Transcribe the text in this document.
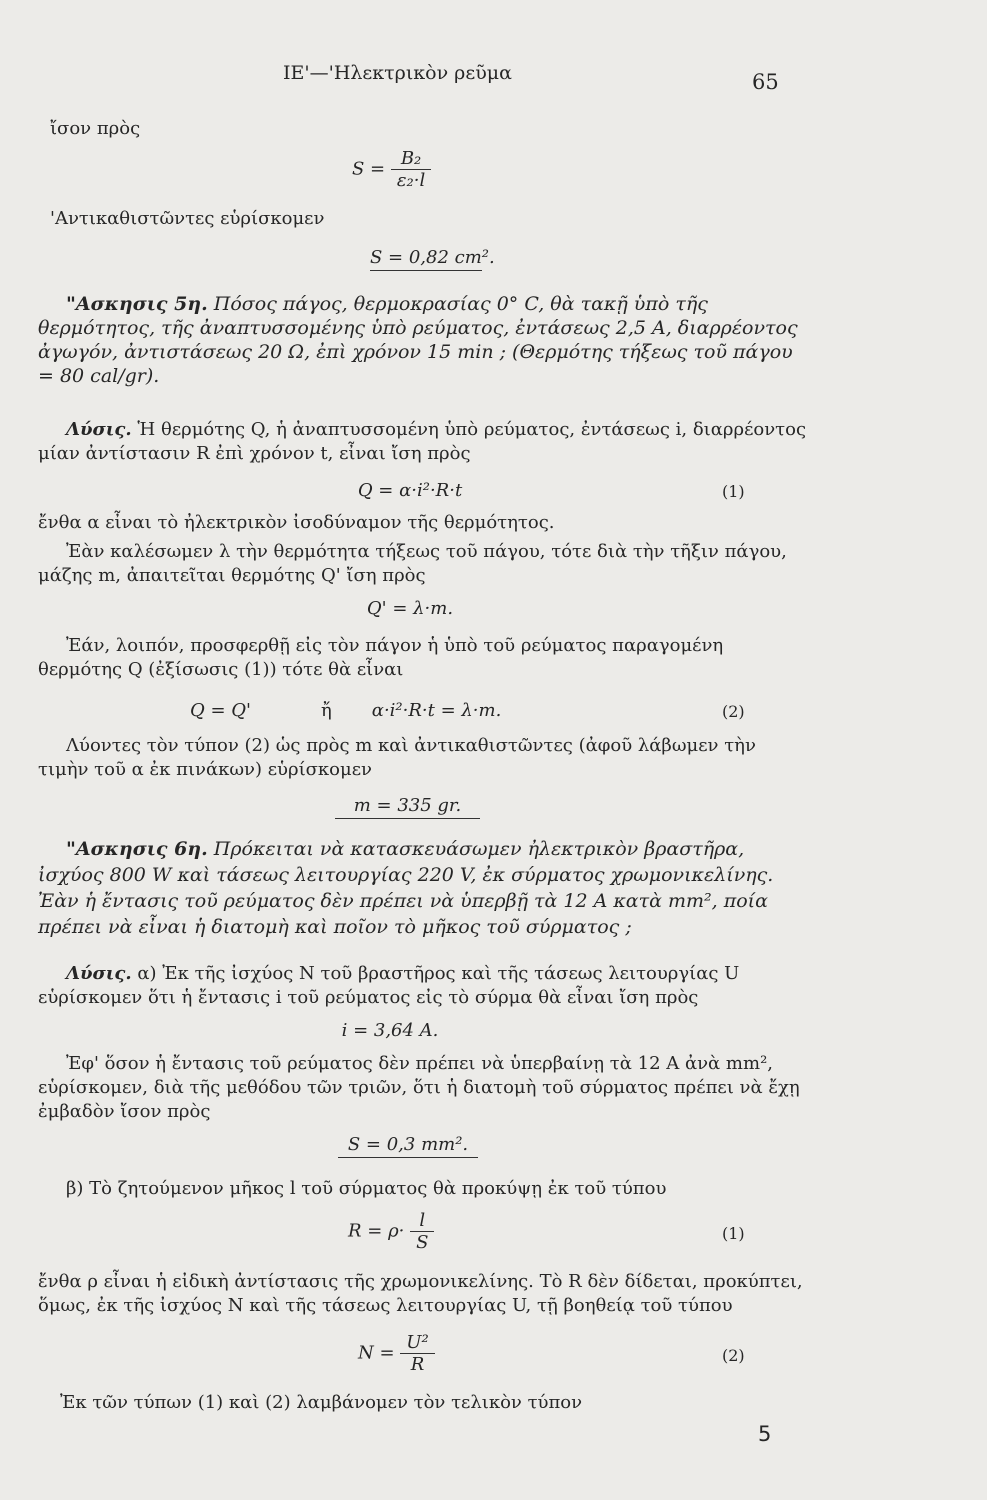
ΙΕ'—'Ηλεκτρικὸν ρεῦμα	65
ἴσον πρὸς
$S = \frac{\text{B₂}}{\text{ε₂·l}}$
'Αντικαθιστῶντες εὑρίσκομεν
S = 0,82 cm².
"Ασκησις 5η. Πόσος πάγος, θερμοκρασίας 0° C, θὰ τακῇ ὑπὸ τῆς θερμότητος, τῆς ἀναπτυσσομένης ὑπὸ ρεύματος, ἐντάσεως 2,5 A, διαρρέοντος ἀγωγόν, ἀντιστάσεως 20 Ω, ἐπὶ χρόνον 15 min ; (Θερμότης τήξεως τοῦ πάγου = 80 cal/gr).
Λύσις. Ἡ θερμότης Q, ἡ ἀναπτυσσομένη ὑπὸ ρεύματος, ἐντάσεως i, διαρρέοντος μίαν ἀντίστασιν R ἐπὶ χρόνον t, εἶναι ἴση πρὸς
Q = α·i²·R·t	(1)
ἔνθα α εἶναι τὸ ἠλεκτρικὸν ἰσοδύναμον τῆς θερμότητος.
Ἐὰν καλέσωμεν λ τὴν θερμότητα τήξεως τοῦ πάγου, τότε διὰ τὴν τῆξιν πάγου, μάζης m, ἀπαιτεῖται θερμότης Q' ἴση πρὸς
Q' = λ·m.
Ἐάν, λοιπόν, προσφερθῇ εἰς τὸν πάγον ἡ ὑπὸ τοῦ ρεύματος παραγομένη θερμότης Q (ἐξίσωσις (1)) τότε θὰ εἶναι
Q = Q'	ἤ α·i²·R·t = λ·m.	(2)
Λύοντες τὸν τύπον (2) ὡς πρὸς m καὶ ἀντικαθιστῶντες (ἀφοῦ λάβωμεν τὴν τιμὴν τοῦ α ἐκ πινάκων) εὑρίσκομεν
m = 335 gr.
"Ασκησις 6η. Πρόκειται νὰ κατασκευάσωμεν ἠλεκτρικὸν βραστῆρα, ἰσχύος 800 W καὶ τάσεως λειτουργίας 220 V, ἐκ σύρματος χρωμονικελίνης. Ἐὰν ἡ ἔντασις τοῦ ρεύματος δὲν πρέπει νὰ ὑπερβῇ τὰ 12 A κατὰ mm², ποία πρέπει νὰ εἶναι ἡ διατομὴ καὶ ποῖον τὸ μῆκος τοῦ σύρματος ;
Λύσις. α) Ἐκ τῆς ἰσχύος N τοῦ βραστῆρος καὶ τῆς τάσεως λειτουργίας U εὑρίσκομεν ὅτι ἡ ἔντασις i τοῦ ρεύματος εἰς τὸ σύρμα θὰ εἶναι ἴση πρὸς
i = 3,64 A.
Ἐφ' ὅσον ἡ ἔντασις τοῦ ρεύματος δὲν πρέπει νὰ ὑπερβαίνῃ τὰ 12 A ἀνὰ mm², εὑρίσκομεν, διὰ τῆς μεθόδου τῶν τριῶν, ὅτι ἡ διατομὴ τοῦ σύρματος πρέπει νὰ ἔχῃ ἐμβαδὸν ἴσον πρὸς
S = 0,3 mm².
β) Τὸ ζητούμενον μῆκος l τοῦ σύρματος θὰ προκύψῃ ἐκ τοῦ τύπου
$R = \rho\cdot \frac{l}{S}$	(1)
ἔνθα ρ εἶναι ἡ εἰδικὴ ἀντίστασις τῆς χρωμονικελίνης. Τὸ R δὲν δίδεται, προκύπτει, ὅμως, ἐκ τῆς ἰσχύος N καὶ τῆς τάσεως λειτουργίας U, τῇ βοηθείᾳ τοῦ τύπου
$N = \frac{\text{U²}}{R}$	(2)
Ἐκ τῶν τύπων (1) καὶ (2) λαμβάνομεν τὸν τελικὸν τύπον
5
